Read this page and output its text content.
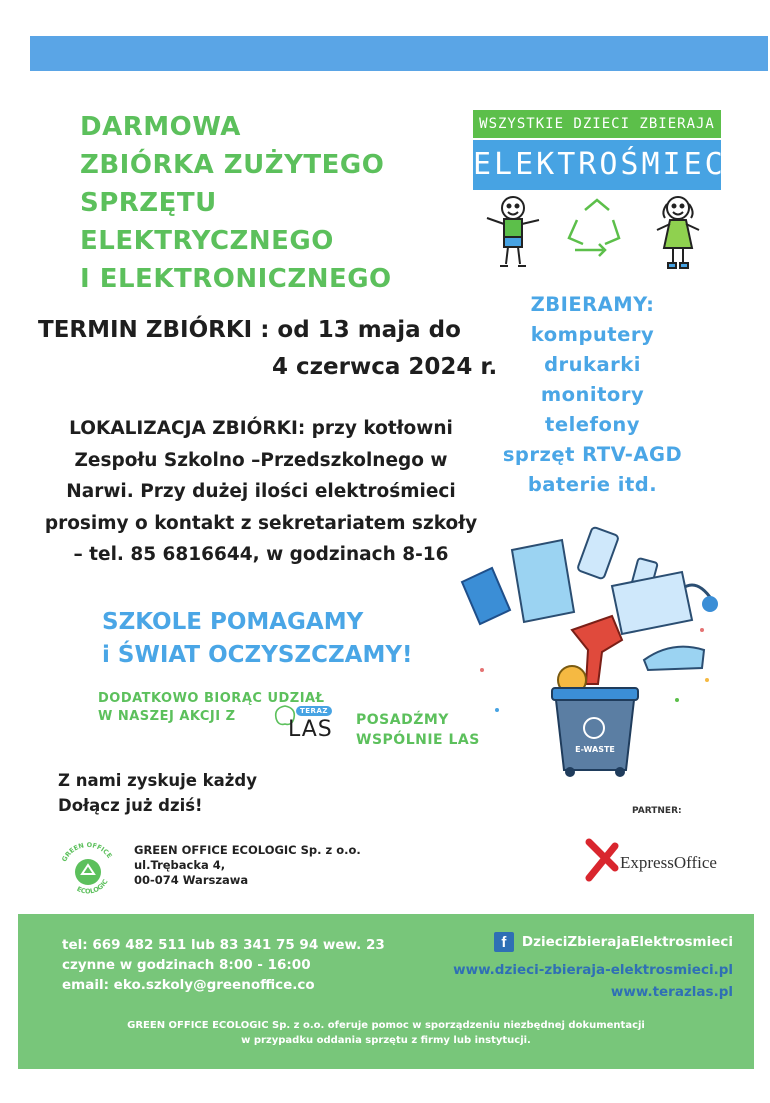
DARMOWA
ZBIÓRKA ZUŻYTEGO
SPRZĘTU
ELEKTRYCZNEGO
I ELEKTRONICZNEGO
WSZYSTKIE DZIECI ZBIERAJA
ELEKTROŚMIECI
TERMIN ZBIÓRKI : od 13 maja do
4 czerwca 2024 r.
LOKALIZACJA ZBIÓRKI: przy kotłowni
Zespołu Szkolno –Przedszkolnego w
Narwi. Przy dużej ilości elektrośmieci
prosimy o kontakt z sekretariatem szkoły
– tel. 85 6816644, w godzinach 8-16
ZBIERAMY:
komputery
drukarki
monitory
telefony
sprzęt RTV-AGD
baterie itd.
E-WASTE
SZKOLE POMAGAMY
i ŚWIAT OCZYSZCZAMY!
DODATKOWO BIORĄC UDZIAŁ
W NASZEJ AKCJI Z	TERAZ
LAS POSADŹMY
WSPÓLNIE LAS
Z nami zyskuje każdy
Dołącz już dziś!	PARTNER:
ExpressOffice
GREEN OFFICE
ECOLOGIC
GREEN OFFICE ECOLOGIC Sp. z o.o.
ul.Trębacka 4,
00-074 Warszawa
tel: 669 482 511 lub 83 341 75 94 wew. 23
czynne w godzinach 8:00 - 16:00
email: eko.szkoly@greenoffice.co
f	DzieciZbierajaElektrosmieci
www.dzieci-zbieraja-elektrosmieci.pl
www.terazlas.pl
GREEN OFFICE ECOLOGIC Sp. z o.o. oferuje pomoc w sporządzeniu niezbędnej dokumentacji
w przypadku oddania sprzętu z firmy lub instytucji.
